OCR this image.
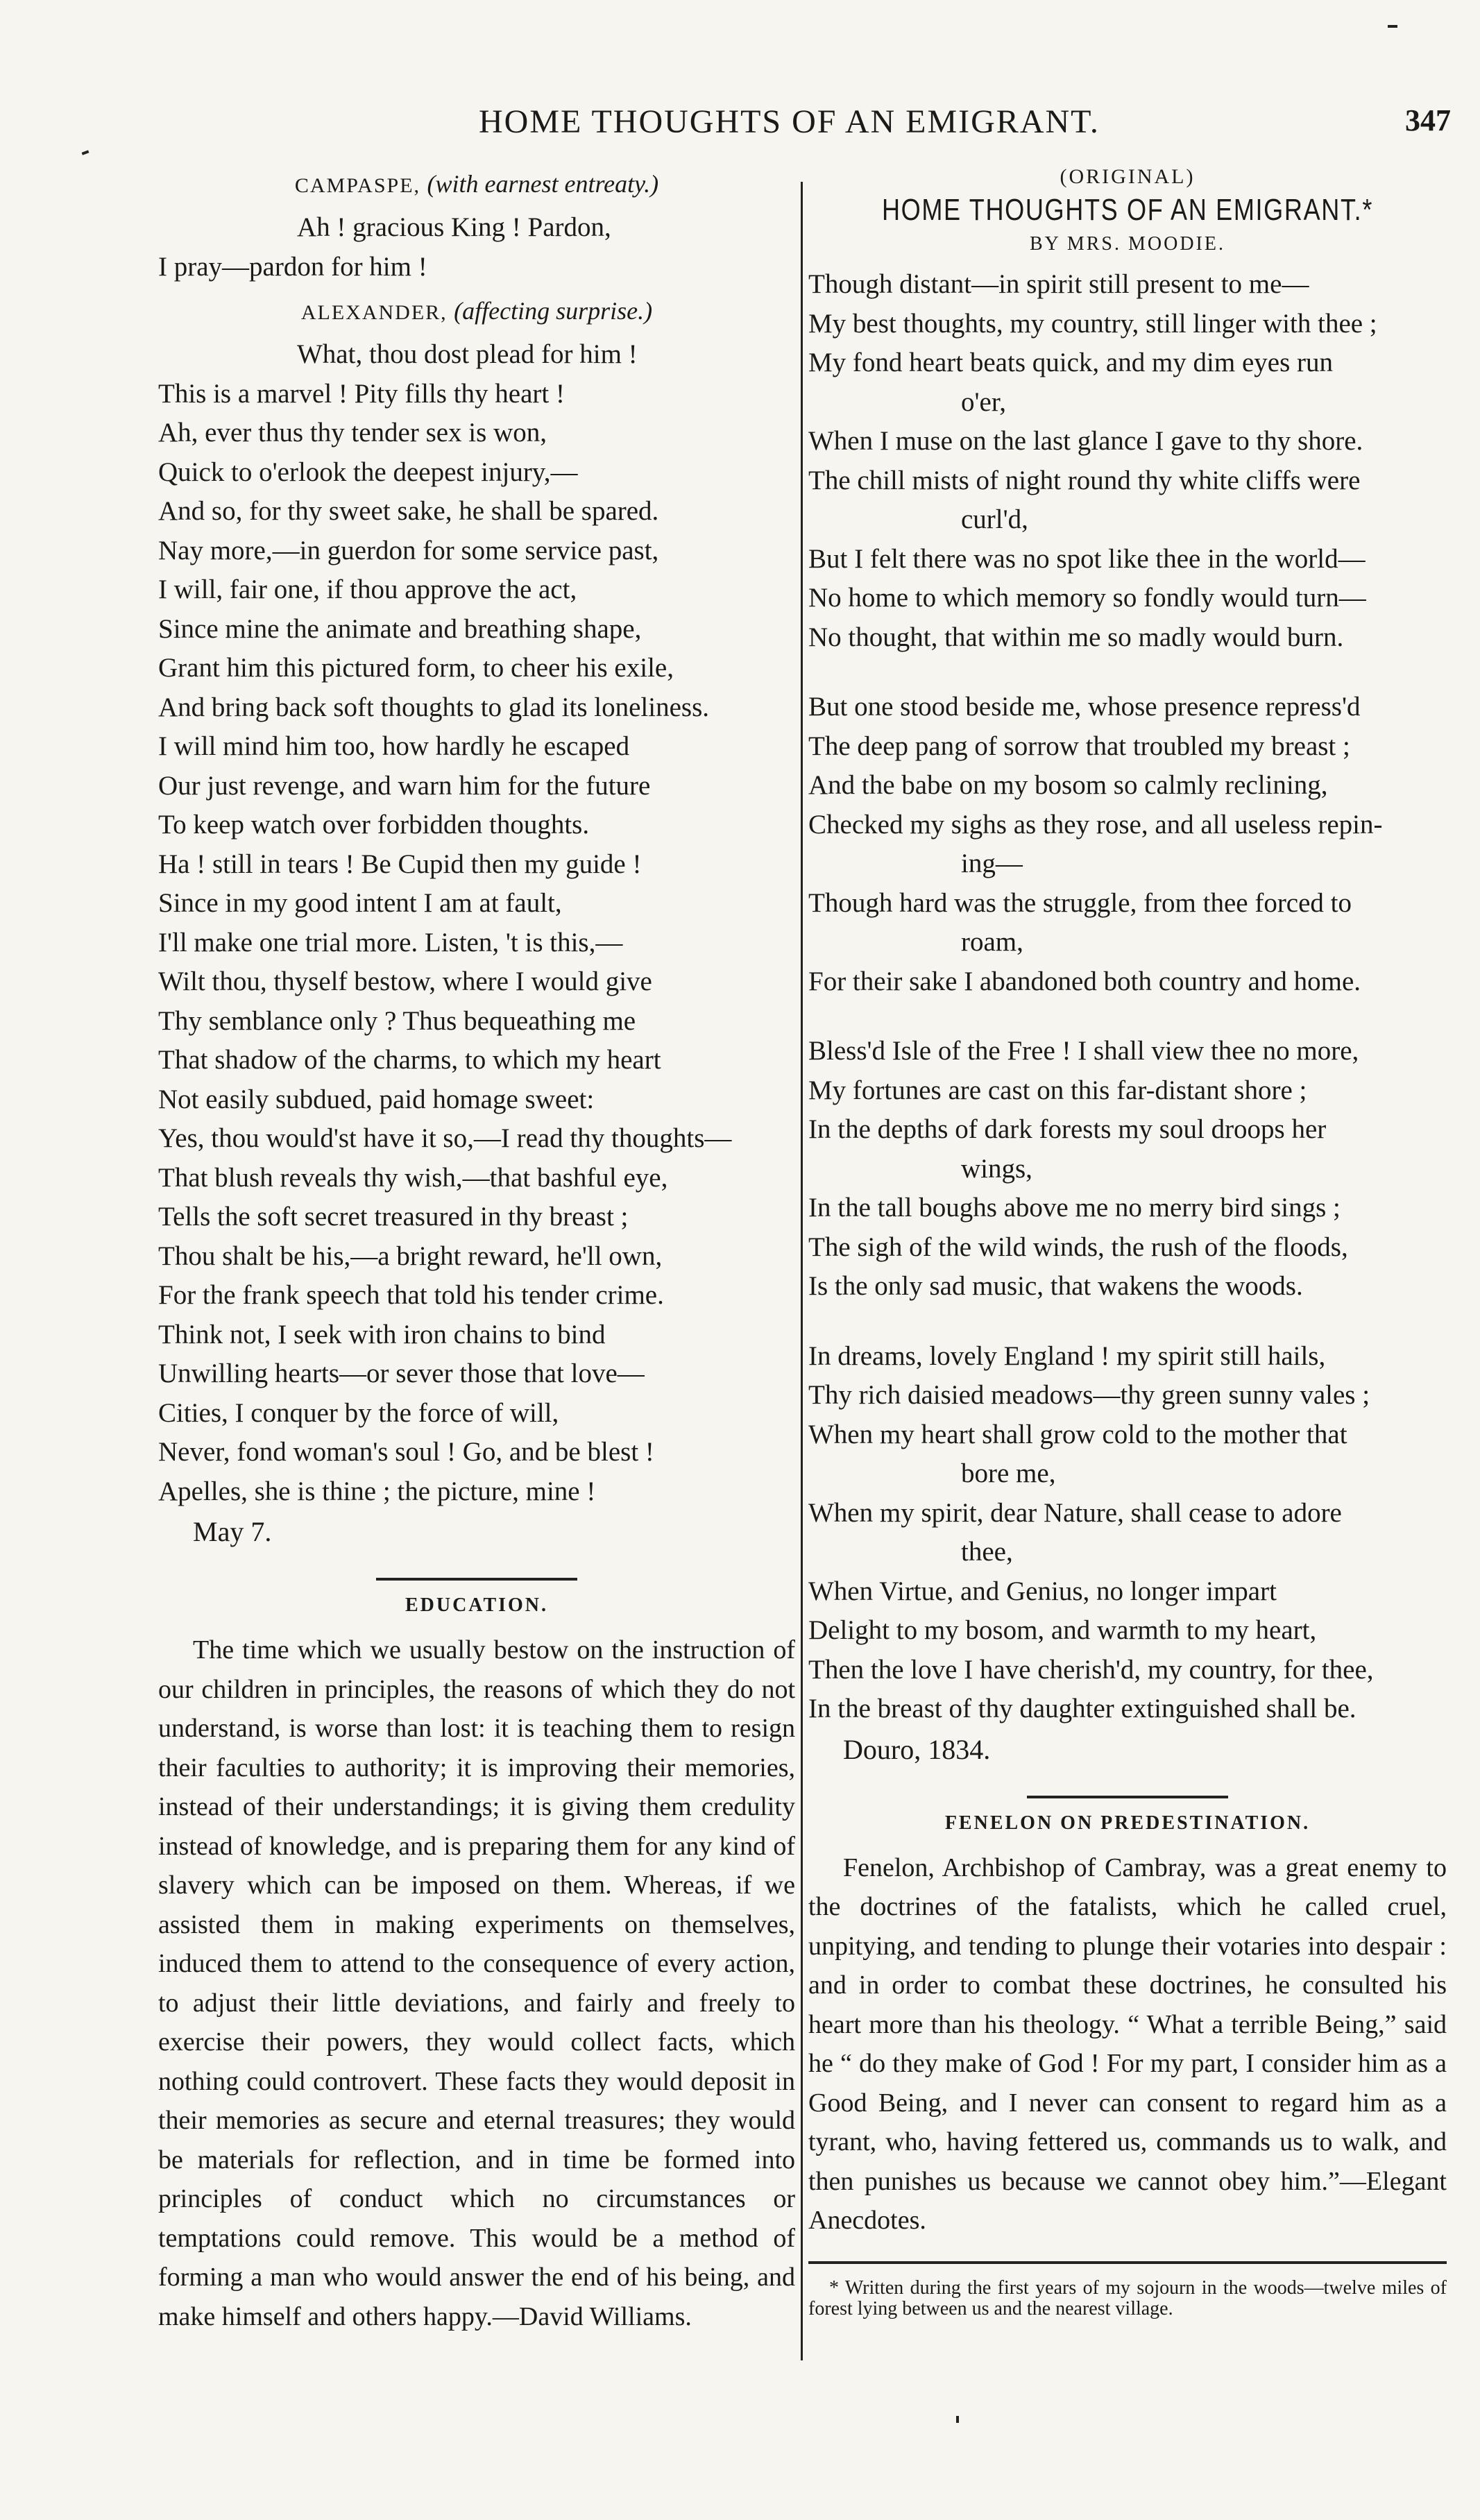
HOME THOUGHTS OF AN EMIGRANT.	347
CAMPASPE, (with earnest entreaty.)
Ah ! gracious King ! Pardon,
I pray—pardon for him !
ALEXANDER, (affecting surprise.)
What, thou dost plead for him !
This is a marvel ! Pity fills thy heart !
Ah, ever thus thy tender sex is won,
Quick to o'erlook the deepest injury,—
And so, for thy sweet sake, he shall be spared.
Nay more,—in guerdon for some service past,
I will, fair one, if thou approve the act,
Since mine the animate and breathing shape,
Grant him this pictured form, to cheer his exile,
And bring back soft thoughts to glad its loneliness.
I will mind him too, how hardly he escaped
Our just revenge, and warn him for the future
To keep watch over forbidden thoughts.
Ha ! still in tears ! Be Cupid then my guide !
Since in my good intent I am at fault,
I'll make one trial more. Listen, 't is this,—
Wilt thou, thyself bestow, where I would give
Thy semblance only ? Thus bequeathing me
That shadow of the charms, to which my heart
Not easily subdued, paid homage sweet:
Yes, thou would'st have it so,—I read thy thoughts—
That blush reveals thy wish,—that bashful eye,
Tells the soft secret treasured in thy breast ;
Thou shalt be his,—a bright reward, he'll own,
For the frank speech that told his tender crime.
Think not, I seek with iron chains to bind
Unwilling hearts—or sever those that love—
Cities, I conquer by the force of will,
Never, fond woman's soul ! Go, and be blest !
Apelles, she is thine ; the picture, mine !
May 7.
EDUCATION.

The time which we usually bestow on the instruction of our children in principles, the reasons of which they do not understand, is worse than lost: it is teaching them to resign their faculties to authority; it is improving their memories, instead of their understandings; it is giving them credulity instead of knowledge, and is preparing them for any kind of slavery which can be imposed on them. Whereas, if we assisted them in making experiments on themselves, induced them to attend to the consequence of every action, to adjust their little deviations, and fairly and freely to exercise their powers, they would collect facts, which nothing could controvert. These facts they would deposit in their memories as secure and eternal treasures; they would be materials for reflection, and in time be formed into principles of conduct which no circumstances or temptations could remove. This would be a method of forming a man who would answer the end of his being, and make himself and others happy.—David Williams.

(ORIGINAL)
HOME THOUGHTS OF AN EMIGRANT.*
BY MRS. MOODIE.
Though distant—in spirit still present to me—
My best thoughts, my country, still linger with thee ;
My fond heart beats quick, and my dim eyes run
o'er,
When I muse on the last glance I gave to thy shore.
The chill mists of night round thy white cliffs were
curl'd,
But I felt there was no spot like thee in the world—
No home to which memory so fondly would turn—
No thought, that within me so madly would burn.
But one stood beside me, whose presence repress'd
The deep pang of sorrow that troubled my breast ;
And the babe on my bosom so calmly reclining,
Checked my sighs as they rose, and all useless repin-
ing—
Though hard was the struggle, from thee forced to
roam,
For their sake I abandoned both country and home.
Bless'd Isle of the Free ! I shall view thee no more,
My fortunes are cast on this far-distant shore ;
In the depths of dark forests my soul droops her
wings,
In the tall boughs above me no merry bird sings ;
The sigh of the wild winds, the rush of the floods,
Is the only sad music, that wakens the woods.
In dreams, lovely England ! my spirit still hails,
Thy rich daisied meadows—thy green sunny vales ;
When my heart shall grow cold to the mother that
bore me,
When my spirit, dear Nature, shall cease to adore
thee,
When Virtue, and Genius, no longer impart
Delight to my bosom, and warmth to my heart,
Then the love I have cherish'd, my country, for thee,
In the breast of thy daughter extinguished shall be.
Douro, 1834.
FENELON ON PREDESTINATION.

Fenelon, Archbishop of Cambray, was a great enemy to the doctrines of the fatalists, which he called cruel, unpitying, and tending to plunge their votaries into despair : and in order to combat these doctrines, he consulted his heart more than his theology. “ What a terrible Being,” said he “ do they make of God ! For my part, I consider him as a Good Being, and I never can consent to regard him as a tyrant, who, having fettered us, commands us to walk, and then punishes us because we cannot obey him.”—Elegant Anecdotes.

* Written during the first years of my sojourn in the woods—twelve miles of forest lying between us and the nearest village.
